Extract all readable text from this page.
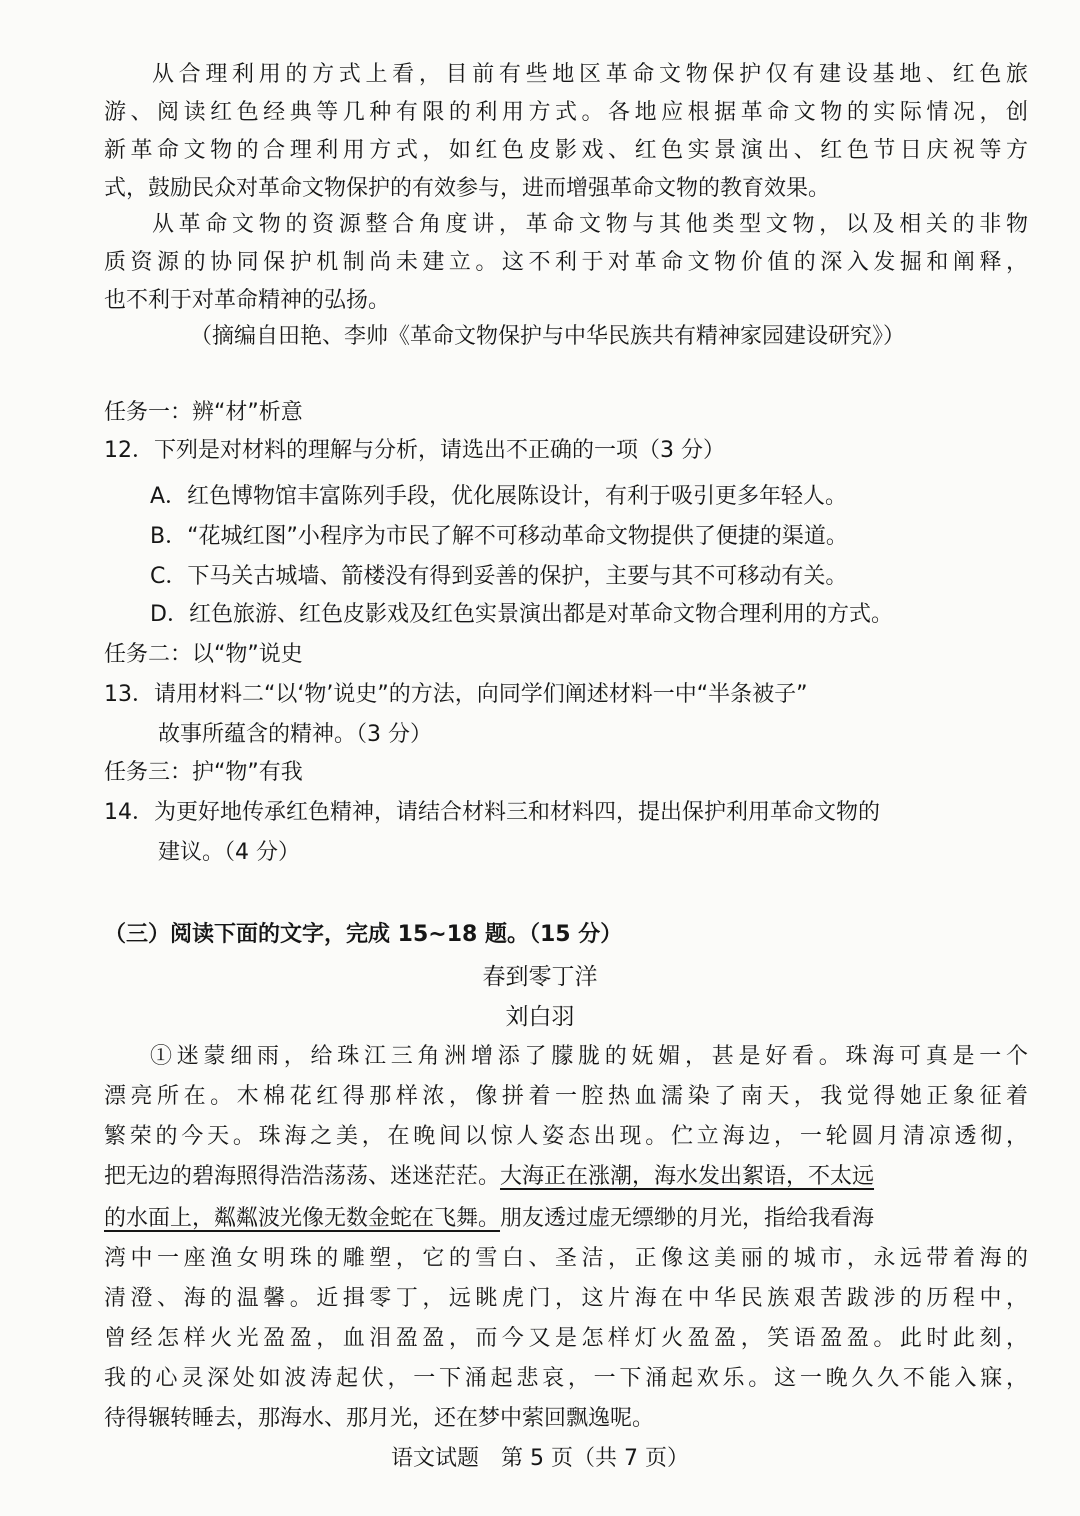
从合理利用的方式上看，目前有些地区革命文物保护仅有建设基地、红色旅
游、阅读红色经典等几种有限的利用方式。各地应根据革命文物的实际情况，创
新革命文物的合理利用方式，如红色皮影戏、红色实景演出、红色节日庆祝等方
式，鼓励民众对革命文物保护的有效参与，进而增强革命文物的教育效果。
从革命文物的资源整合角度讲，革命文物与其他类型文物，以及相关的非物
质资源的协同保护机制尚未建立。这不利于对革命文物价值的深入发掘和阐释，
也不利于对革命精神的弘扬。
（摘编自田艳、李帅《革命文物保护与中华民族共有精神家园建设研究》）
任务一：辨“材”析意
12．下列是对材料的理解与分析，请选出不正确的一项（3 分）
A．红色博物馆丰富陈列手段，优化展陈设计，有利于吸引更多年轻人。
B．“花城红图”小程序为市民了解不可移动革命文物提供了便捷的渠道。
C．下马关古城墙、箭楼没有得到妥善的保护，主要与其不可移动有关。
D．红色旅游、红色皮影戏及红色实景演出都是对革命文物合理利用的方式。
任务二：以“物”说史
13．请用材料二“以‘物’说史”的方法，向同学们阐述材料一中“半条被子”
故事所蕴含的精神。（3 分）
任务三：护“物”有我
14．为更好地传承红色精神，请结合材料三和材料四，提出保护利用革命文物的
建议。（4 分）
（三）阅读下面的文字，完成 15~18 题。（15 分）
春到零丁洋
刘白羽
①迷蒙细雨，给珠江三角洲增添了朦胧的妩媚，甚是好看。珠海可真是一个
漂亮所在。木棉花红得那样浓，像拼着一腔热血濡染了南天，我觉得她正象征着
繁荣的今天。珠海之美，在晚间以惊人姿态出现。伫立海边，一轮圆月清凉透彻，
把无边的碧海照得浩浩荡荡、迷迷茫茫。大海正在涨潮，海水发出絮语，不太远
的水面上，粼粼波光像无数金蛇在飞舞。朋友透过虚无缥缈的月光，指给我看海
湾中一座渔女明珠的雕塑，它的雪白、圣洁，正像这美丽的城市，永远带着海的
清澄、海的温馨。近揖零丁，远眺虎门，这片海在中华民族艰苦跋涉的历程中，
曾经怎样火光盈盈，血泪盈盈，而今又是怎样灯火盈盈，笑语盈盈。此时此刻，
我的心灵深处如波涛起伏，一下涌起悲哀，一下涌起欢乐。这一晚久久不能入寐，
待得辗转睡去，那海水、那月光，还在梦中萦回飘逸呢。
语文试题　第 5 页（共 7 页）
